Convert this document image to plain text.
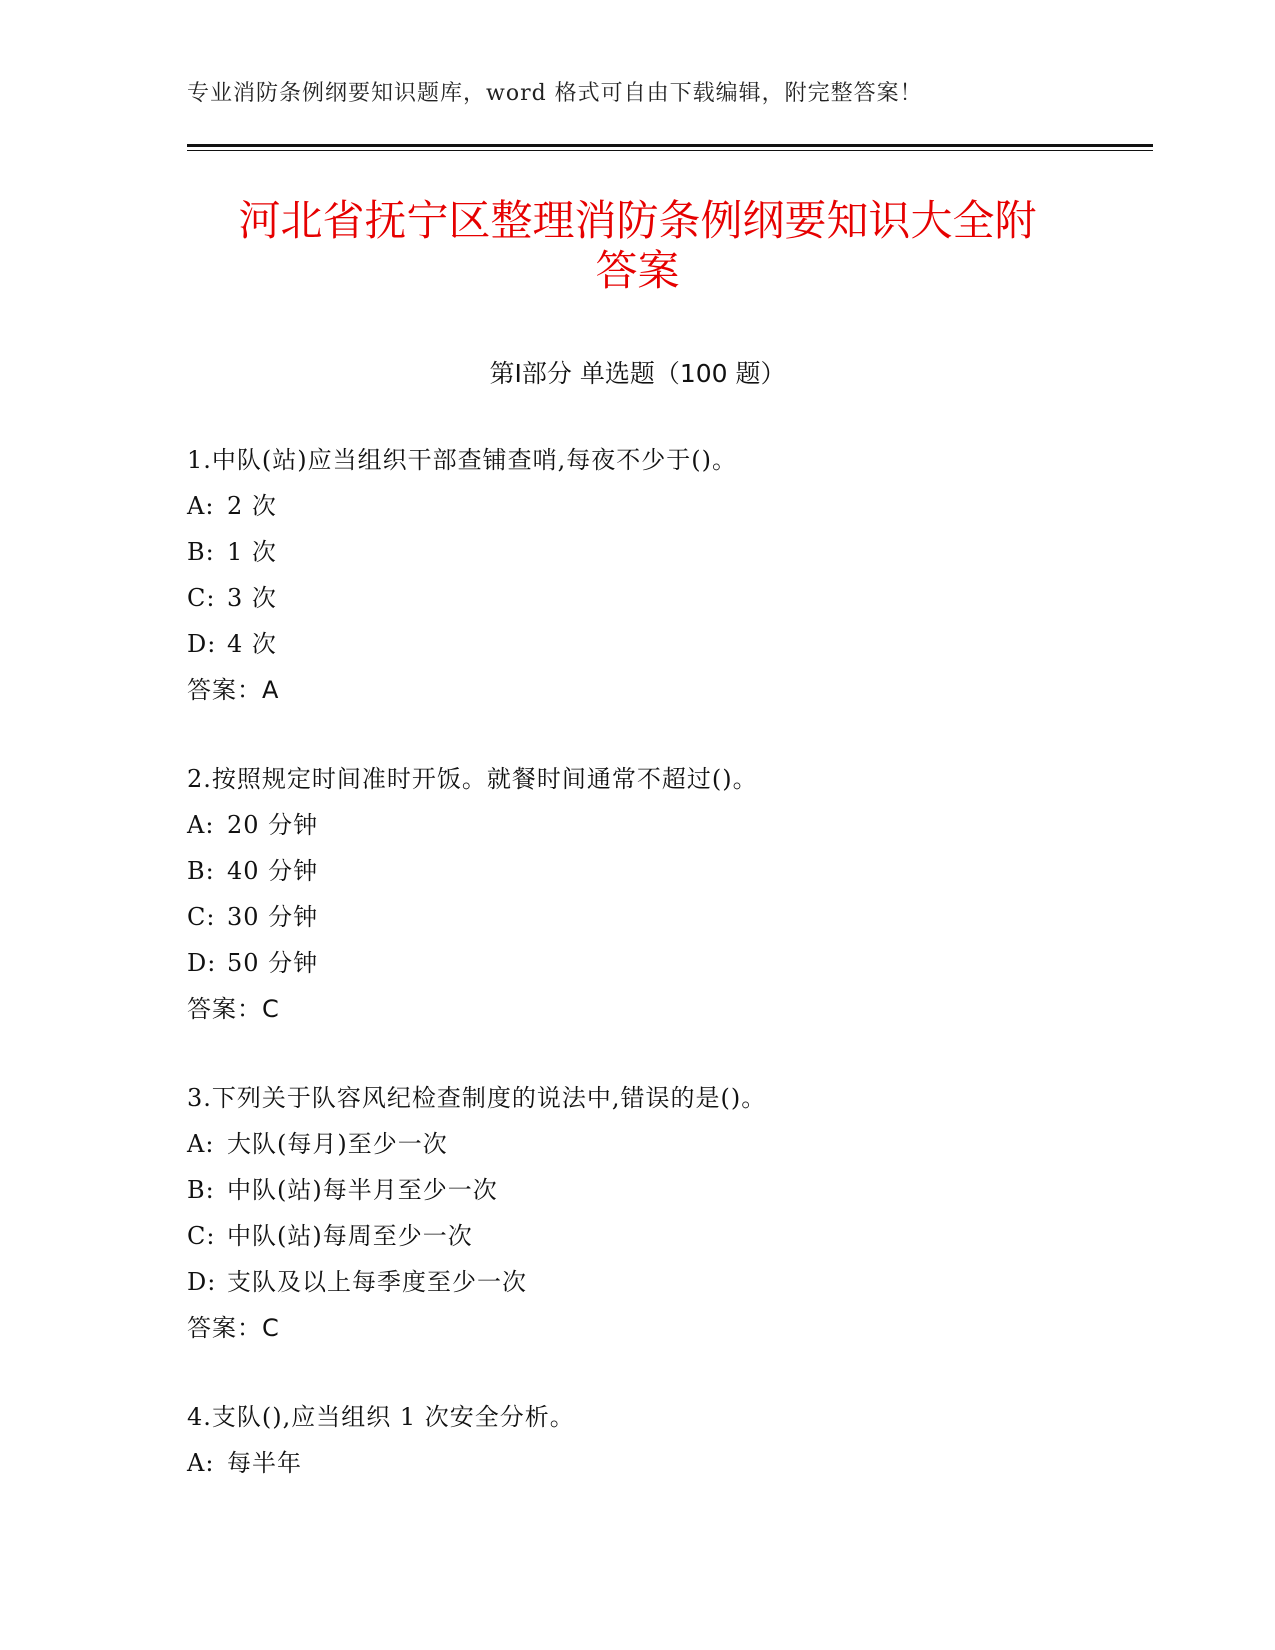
专业消防条例纲要知识题库，word 格式可自由下载编辑，附完整答案！
河北省抚宁区整理消防条例纲要知识大全附
答案
第Ⅰ部分 单选题（100 题）
1.中队(站)应当组织干部查铺查哨,每夜不少于()。
A: 2 次
B: 1 次
C: 3 次
D: 4 次
答案：A
2.按照规定时间准时开饭。就餐时间通常不超过()。
A: 20 分钟
B: 40 分钟
C: 30 分钟
D: 50 分钟
答案：C
3.下列关于队容风纪检查制度的说法中,错误的是()。
A: 大队(每月)至少一次
B: 中队(站)每半月至少一次
C: 中队(站)每周至少一次
D: 支队及以上每季度至少一次
答案：C
4.支队(),应当组织 1 次安全分析。
A: 每半年
